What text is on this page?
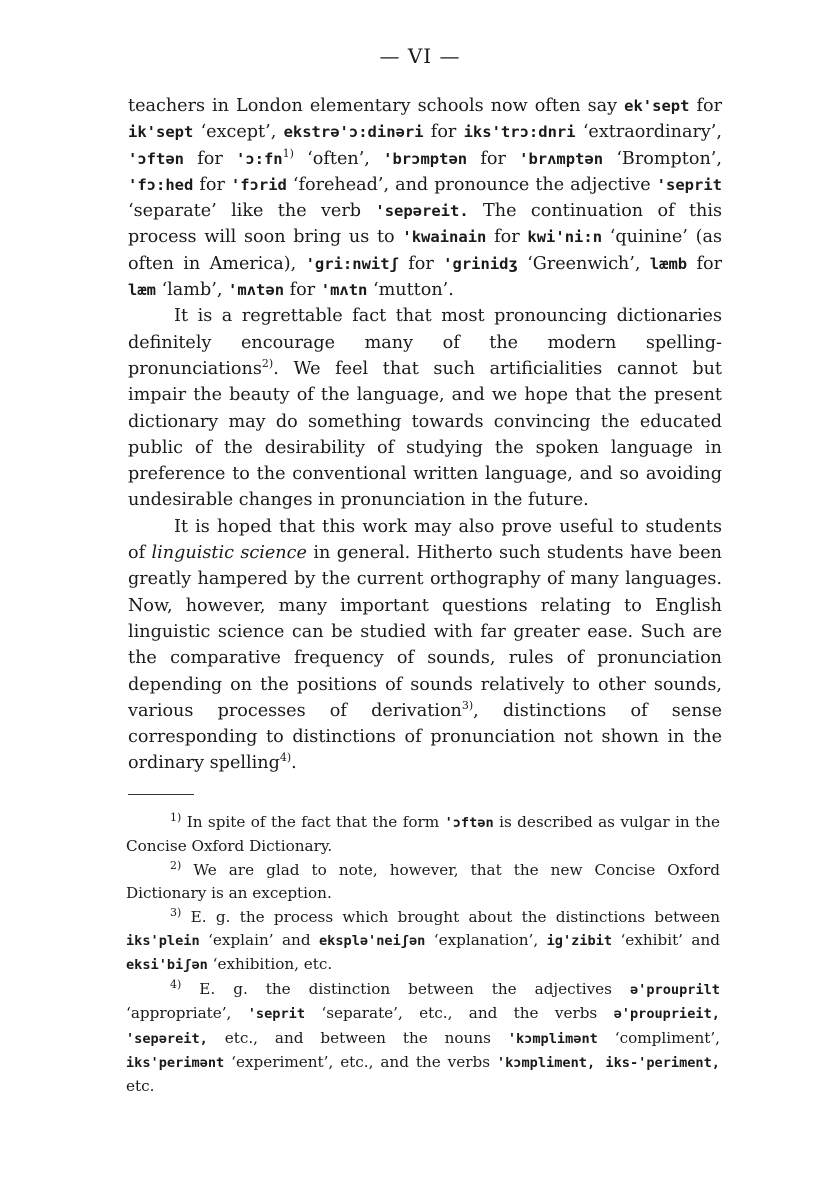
— VI —

teachers in London elementary schools now often say ek'sept for ik'sept ‘except’, ekstrə'ɔ:dinəri for iks'trɔ:dnri ‘extraordinary’, 'ɔftən for '$ɔ:fn^{1)}$ ‘often’, 'brɔmptən for 'brʌmptən ‘Brompton’, 'fɔ:hed for 'fɔrid ‘forehead’, and pronounce the adjective 'seprit ‘separate’ like the verb 'sepəreit. The continuation of this process will soon bring us to 'kwainain for kwi'ni:n ‘quinine’ (as often in America), 'gri:nwitʃ for 'grinidʒ ‘Greenwich’, læmb for læm ‘lamb’, 'mʌtən for 'mʌtn ‘mutton’.

It is a regrettable fact that most pronouncing dictionaries definitely encourage many of the modern spelling-pronunciations$^{2)}$. We feel that such artificialities cannot but impair the beauty of the language, and we hope that the present dictionary may do something towards convincing the educated public of the desirability of studying the spoken language in preference to the conventional written language, and so avoiding undesirable changes in pronunciation in the future.

It is hoped that this work may also prove useful to students of linguistic science in general. Hitherto such students have been greatly hampered by the current orthography of many languages. Now, however, many important questions relating to English linguistic science can be studied with far greater ease. Such are the comparative frequency of sounds, rules of pronunciation depending on the positions of sounds relatively to other sounds, various processes of derivation$^{3)}$, distinctions of sense corresponding to distinctions of pronunciation not shown in the ordinary spelling$^{4)}$.

$^{1)}$ In spite of the fact that the form 'ɔftən is described as vulgar in the Concise Oxford Dictionary.

$^{2)}$ We are glad to note, however, that the new Concise Oxford Dictionary is an exception.

$^{3)}$ E. g. the process which brought about the distinctions between iks'plein ‘explain’ and eksplə'neiʃən ‘explanation’, ig'zibit ‘exhibit’ and eksi'biʃən ‘exhibition, etc.

$^{4)}$ E. g. the distinction between the adjectives ə'prouprilt ‘appropriate’, 'seprit ‘separate’, etc., and the verbs ə'prouprieit, 'sepəreit, etc., and between the nouns 'kɔmplimənt ‘compliment’, iks'perimənt ‘experiment’, etc., and the verbs 'kɔmpliment, iks-'periment, etc.
